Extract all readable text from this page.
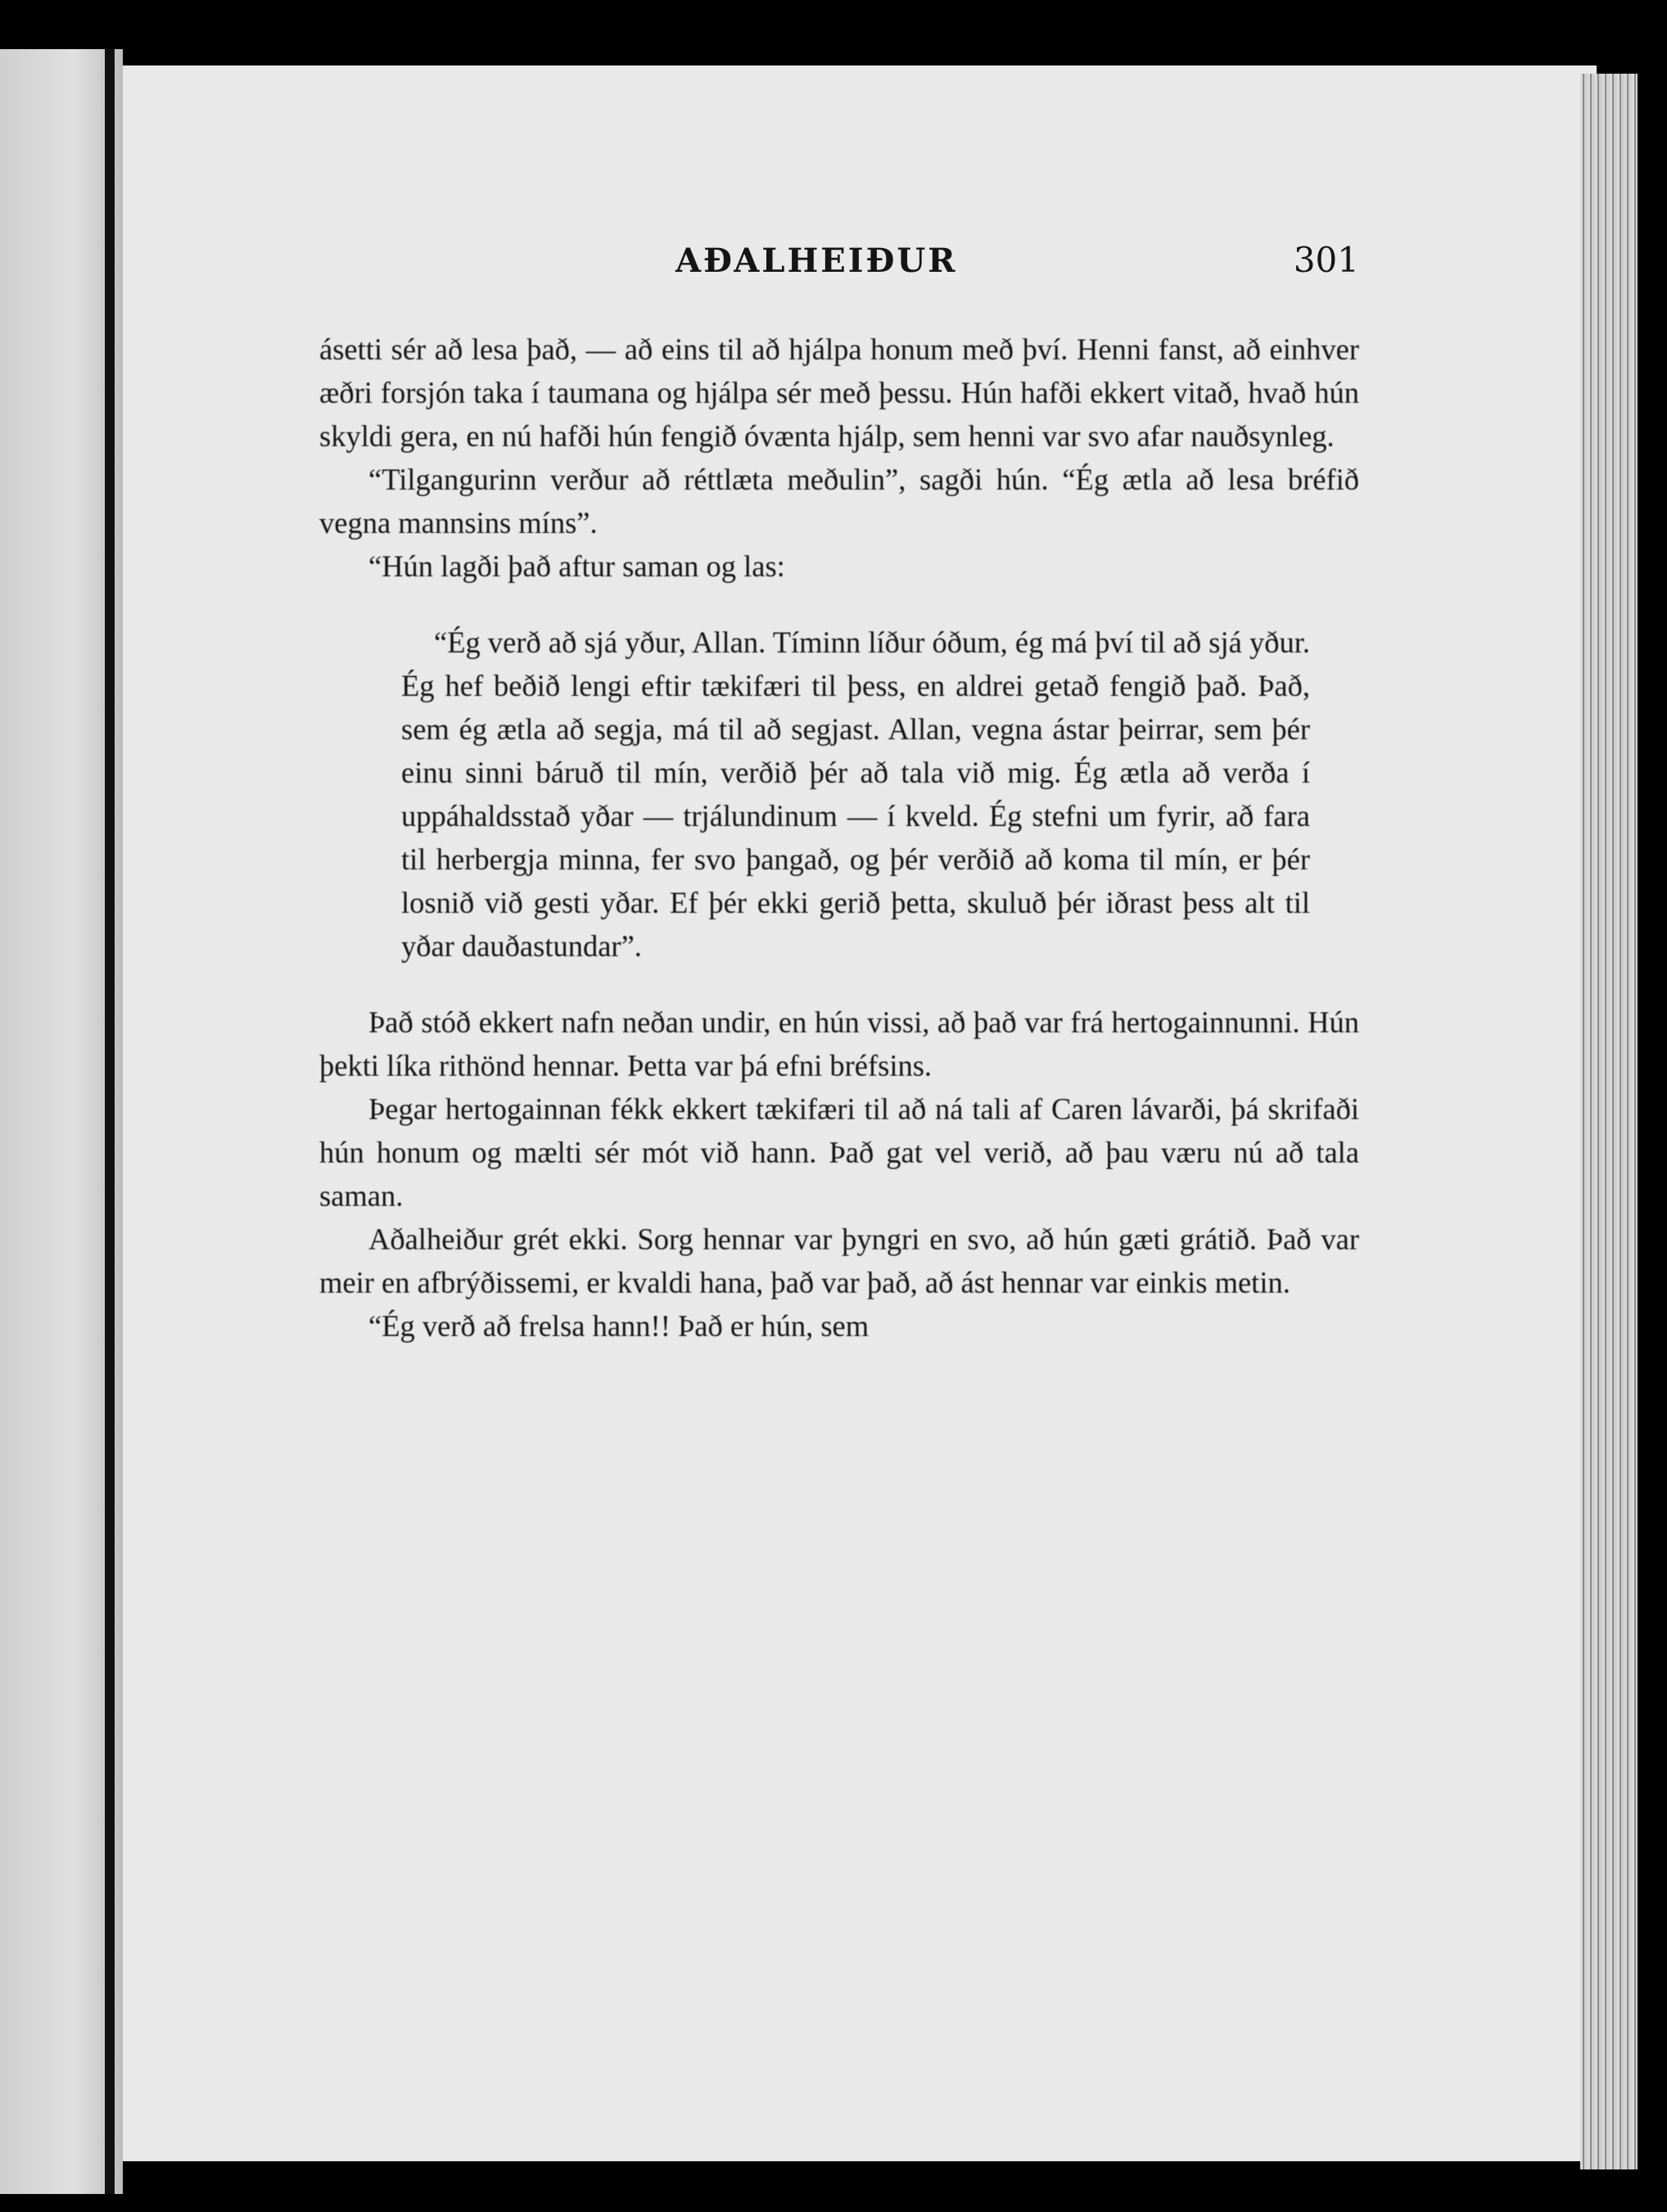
AÐALHEIÐUR	301

ásetti sér að lesa það, — að eins til að hjálpa honum með því. Henni fanst, að einhver æðri forsjón taka í taumana og hjálpa sér með þessu. Hún hafði ekkert vitað, hvað hún skyldi gera, en nú hafði hún fengið óvænta hjálp, sem henni var svo afar nauðsynleg.

“Tilgangurinn verður að réttlæta meðulin”, sagði hún. “Ég ætla að lesa bréfið vegna mannsins míns”.

“Hún lagði það aftur saman og las:

“Ég verð að sjá yður, Allan. Tíminn líður óðum, ég má því til að sjá yður. Ég hef beðið lengi eftir tækifæri til þess, en aldrei getað fengið það. Það, sem ég ætla að segja, má til að segjast. Allan, vegna ástar þeirrar, sem þér einu sinni báruð til mín, verðið þér að tala við mig. Ég ætla að verða í uppáhaldsstað yðar — trjálundinum — í kveld. Ég stefni um fyrir, að fara til herbergja minna, fer svo þangað, og þér verðið að koma til mín, er þér losnið við gesti yðar. Ef þér ekki gerið þetta, skuluð þér iðrast þess alt til yðar dauðastundar”.

Það stóð ekkert nafn neðan undir, en hún vissi, að það var frá hertogainnunni. Hún þekti líka rithönd hennar. Þetta var þá efni bréfsins.

Þegar hertogainnan fékk ekkert tækifæri til að ná tali af Caren lávarði, þá skrifaði hún honum og mælti sér mót við hann. Það gat vel verið, að þau væru nú að tala saman.

Aðalheiður grét ekki. Sorg hennar var þyngri en svo, að hún gæti grátið. Það var meir en afbrýðissemi, er kvaldi hana, það var það, að ást hennar var einkis metin.

“Ég verð að frelsa hann!! Það er hún, sem
